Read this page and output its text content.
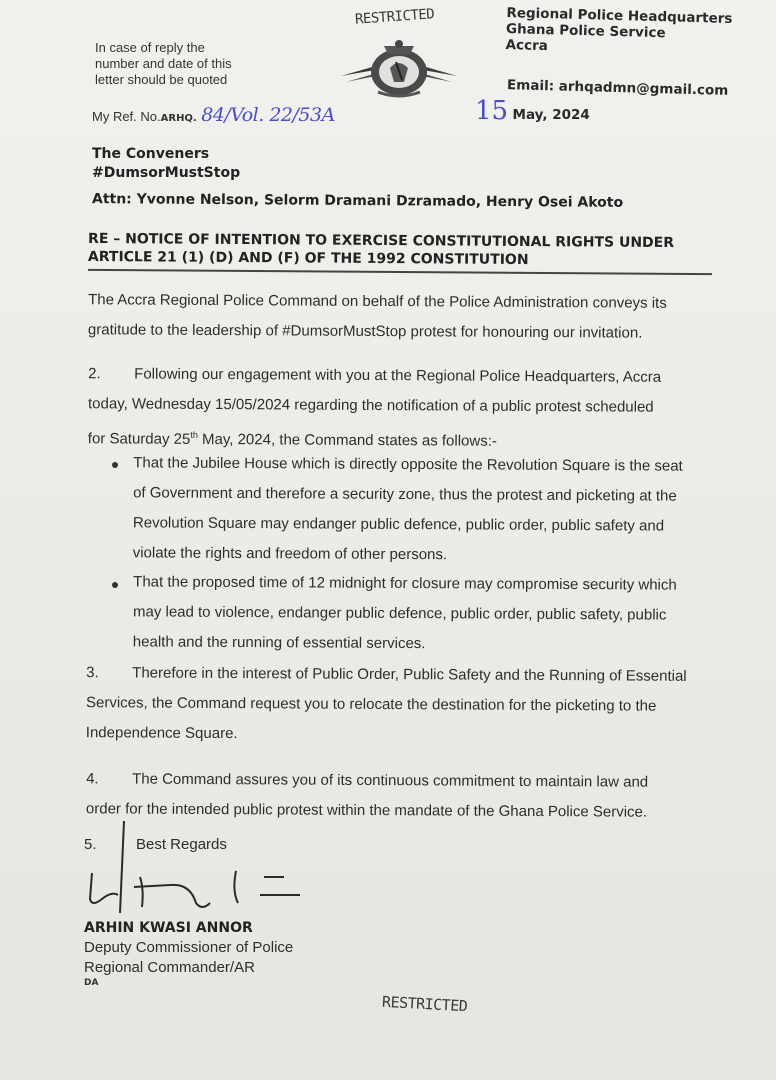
RESTRICTED
In case of reply the
number and date of this
letter should be quoted
My Ref. No.ARHQ. 84/Vol. 22/53A
Regional Police Headquarters
Ghana Police Service
Accra
Email: arhqadmn@gmail.com
15 May, 2024
The Conveners
#DumsorMustStop
Attn: Yvonne Nelson, Selorm Dramani Dzramado, Henry Osei Akoto
RE – NOTICE OF INTENTION TO EXERCISE CONSTITUTIONAL RIGHTS UNDER
ARTICLE 21 (1) (D) AND (F) OF THE 1992 CONSTITUTION
The Accra Regional Police Command on behalf of the Police Administration conveys its
gratitude to the leadership of #DumsorMustStop protest for honouring our invitation.
2. Following our engagement with you at the Regional Police Headquarters, Accra
today, Wednesday 15/05/2024 regarding the notification of a public protest scheduled
for Saturday 25th May, 2024, the Command states as follows:-
That the Jubilee House which is directly opposite the Revolution Square is the seat
of Government and therefore a security zone, thus the protest and picketing at the
Revolution Square may endanger public defence, public order, public safety and
violate the rights and freedom of other persons.
That the proposed time of 12 midnight for closure may compromise security which
may lead to violence, endanger public defence, public order, public safety, public
health and the running of essential services.
3. Therefore in the interest of Public Order, Public Safety and the Running of Essential
Services, the Command request you to relocate the destination for the picketing to the
Independence Square.
4. The Command assures you of its continuous commitment to maintain law and
order for the intended public protest within the mandate of the Ghana Police Service.
5.	Best Regards
ARHIN KWASI ANNOR
Deputy Commissioner of Police
Regional Commander/AR
DA
RESTRICTED
